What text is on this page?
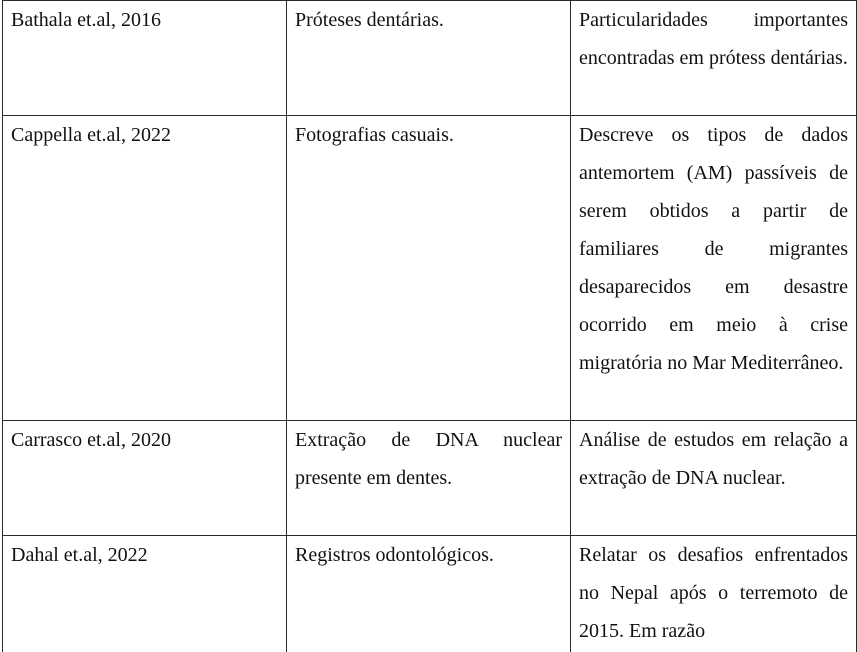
Bathala et.al, 2016	Próteses dentárias.	Particularidades importantes encontradas em prótess dentárias.

Cappella et.al, 2022	Fotografias casuais.	Descreve os tipos de dados antemortem (AM) passíveis de serem obtidos a partir de familiares de migrantes desaparecidos em desastre ocorrido em meio à crise migratória no Mar Mediterrâneo.

Carrasco et.al, 2020	Extração de DNA nuclear presente em dentes.	Análise de estudos em relação a extração de DNA nuclear.

Dahal et.al, 2022	Registros odontológicos.	Relatar os desafios enfrentados no Nepal após o terremoto de 2015. Em razão
